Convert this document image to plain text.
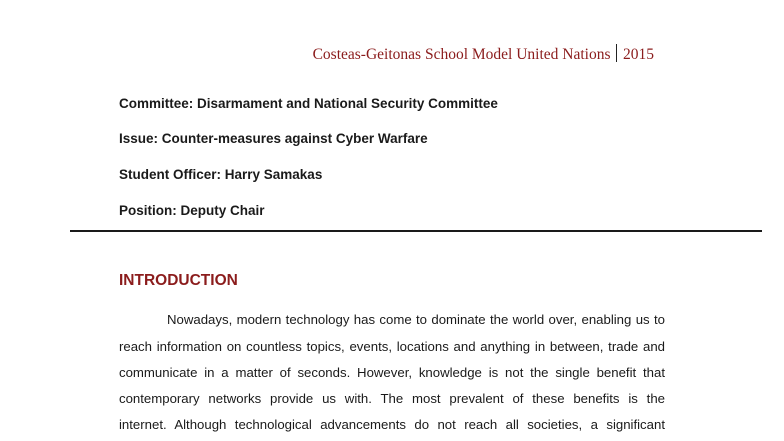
Costeas-Geitonas School Model United Nations 2015
Committee: Disarmament and National Security Committee
Issue: Counter-measures against Cyber Warfare
Student Officer: Harry Samakas
Position: Deputy Chair
INTRODUCTION
Nowadays, modern technology has come to dominate the world over, enabling us to
reach information on countless topics, events, locations and anything in between, trade and
communicate in a matter of seconds. However, knowledge is not the single benefit that
contemporary networks provide us with. The most prevalent of these benefits is the
internet. Although technological advancements do not reach all societies, a significant
